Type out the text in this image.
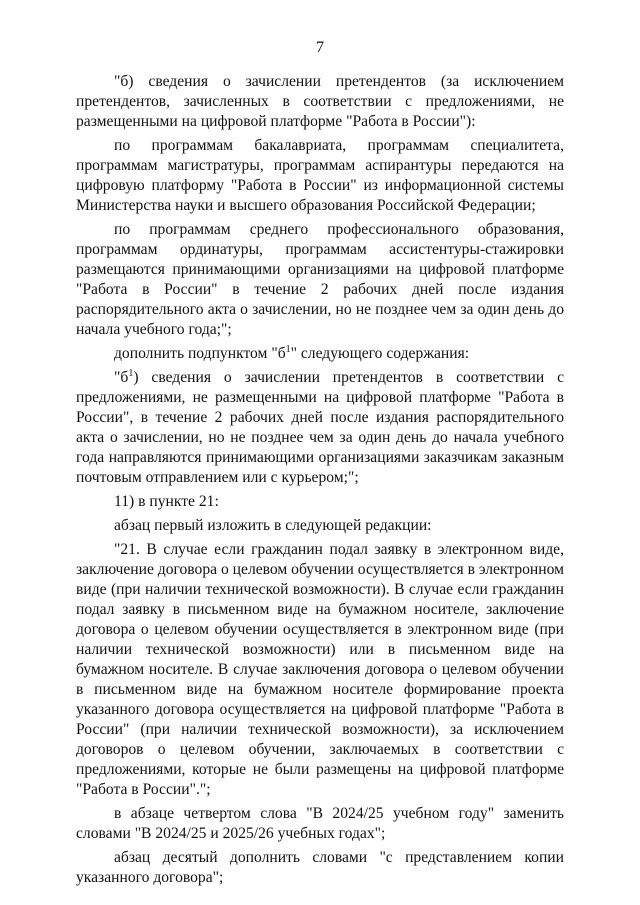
7

"б) сведения о зачислении претендентов (за исключением претендентов, зачисленных в соответствии с предложениями, не размещенными на цифровой платформе "Работа в России"):

по программам бакалавриата, программам специалитета, программам магистратуры, программам аспирантуры передаются на цифровую платформу "Работа в России" из информационной системы Министерства науки и высшего образования Российской Федерации;

по программам среднего профессионального образования, программам ординатуры, программам ассистентуры-стажировки размещаются принимающими организациями на цифровой платформе "Работа в России" в течение 2 рабочих дней после издания распорядительного акта о зачислении, но не позднее чем за один день до начала учебного года;";

дополнить подпунктом "$б^1$" следующего содержания:

"$б^1$) сведения о зачислении претендентов в соответствии с предложениями, не размещенными на цифровой платформе "Работа в России", в течение 2 рабочих дней после издания распорядительного акта о зачислении, но не позднее чем за один день до начала учебного года направляются принимающими организациями заказчикам заказным почтовым отправлением или с курьером;";

11) в пункте 21:

абзац первый изложить в следующей редакции:

"21. В случае если гражданин подал заявку в электронном виде, заключение договора о целевом обучении осуществляется в электронном виде (при наличии технической возможности). В случае если гражданин подал заявку в письменном виде на бумажном носителе, заключение договора о целевом обучении осуществляется в электронном виде (при наличии технической возможности) или в письменном виде на бумажном носителе. В случае заключения договора о целевом обучении в письменном виде на бумажном носителе формирование проекта указанного договора осуществляется на цифровой платформе "Работа в России" (при наличии технической возможности), за исключением договоров о целевом обучении, заключаемых в соответствии с предложениями, которые не были размещены на цифровой платформе "Работа в России".";

в абзаце четвертом слова "В 2024/25 учебном году" заменить словами "В 2024/25 и 2025/26 учебных годах";

абзац десятый дополнить словами "с представлением копии указанного договора";
